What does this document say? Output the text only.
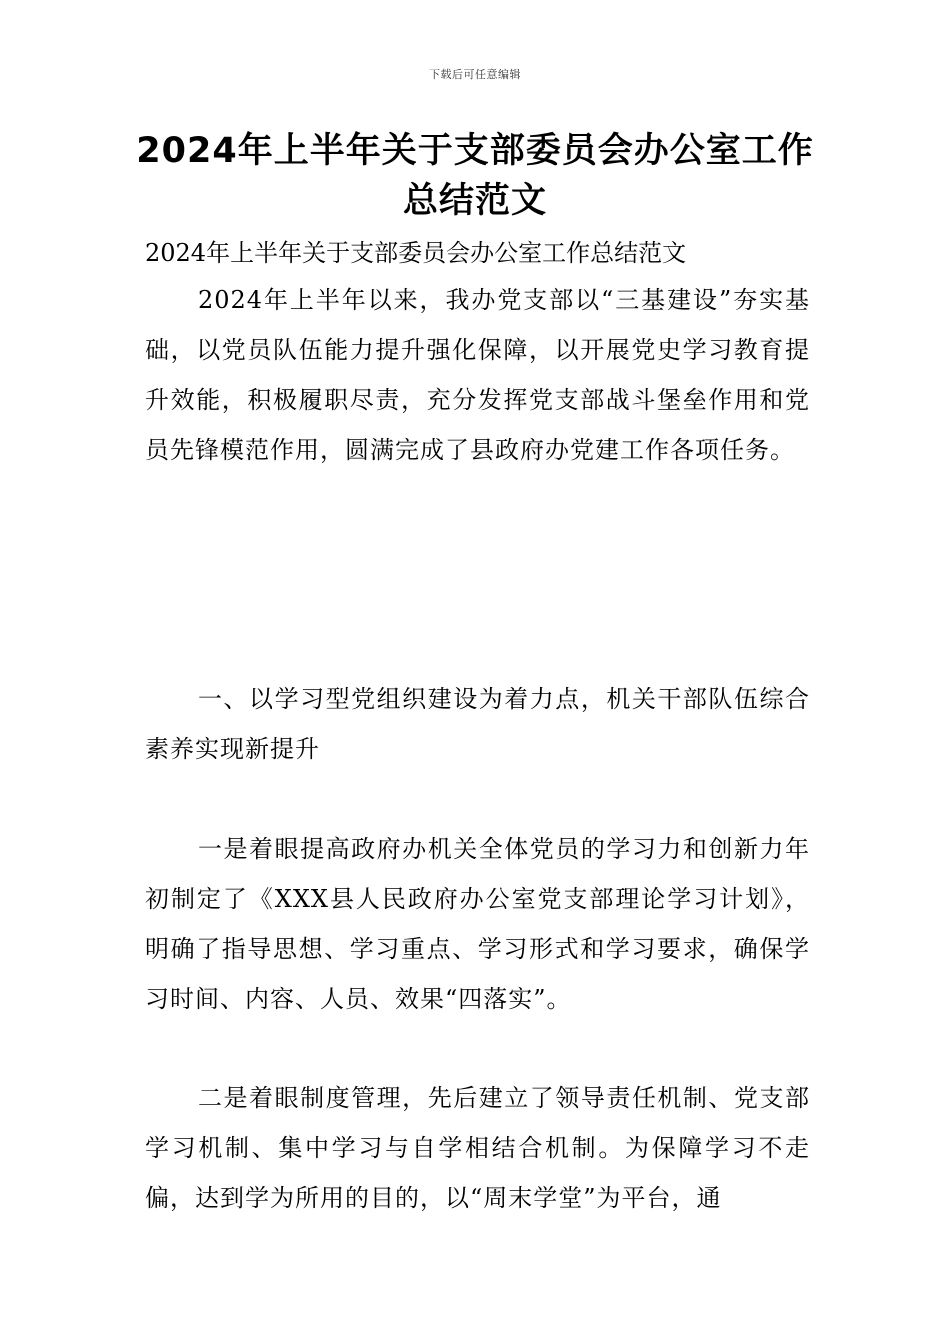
下载后可任意编辑
2024年上半年关于支部委员会办公室工作总结范文

2024年上半年关于支部委员会办公室工作总结范文

2024年上半年以来，我办党支部以“三基建设”夯实基础，以党员队伍能力提升强化保障，以开展党史学习教育提升效能，积极履职尽责，充分发挥党支部战斗堡垒作用和党员先锋模范作用，圆满完成了县政府办党建工作各项任务。

一、以学习型党组织建设为着力点，机关干部队伍综合素养实现新提升

一是着眼提高政府办机关全体党员的学习力和创新力年初制定了《XXX县人民政府办公室党支部理论学习计划》，明确了指导思想、学习重点、学习形式和学习要求，确保学习时间、内容、人员、效果“四落实”。

二是着眼制度管理，先后建立了领导责任机制、党支部学习机制、集中学习与自学相结合机制。为保障学习不走偏，达到学为所用的目的，以“周末学堂”为平台，通
